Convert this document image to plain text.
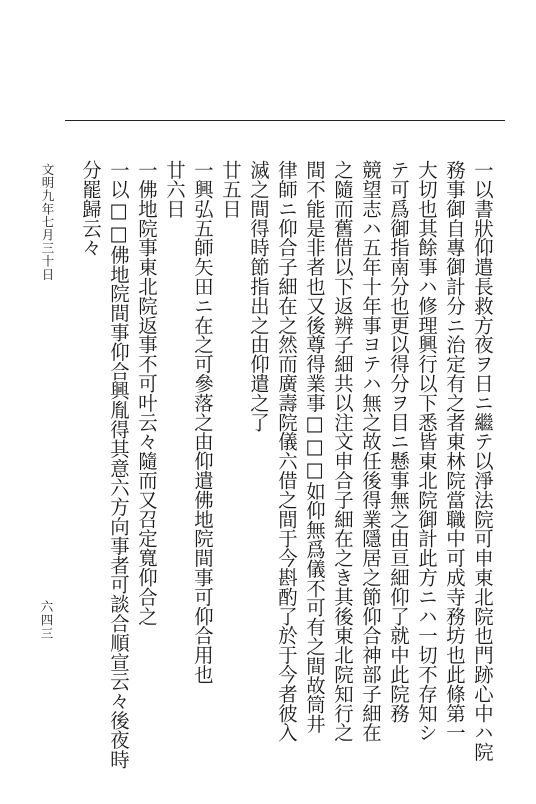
一以書狀仰遣長救方夜ヲ日ニ繼テ以淨法院可申東北院也門跡心中ハ院
務事御自專御計分ニ治定有之者東林院當職中可成寺務坊也此條第一
大切也其餘事ハ修理興行以下悉皆東北院御計此方ニハ一切不存知シ
テ可爲御指南分也更以得分ヲ目ニ懸事無之由亘細仰了就中此院務
競望志ハ五年十年事ヨテハ無之故任後得業隱居之節仰合神部子細在
之隨而舊借以下返辨子細共以注文申合子細在之き其後東北院知行之
間不能是非者也又後尊得業事□□□如仰無爲儀不可有之間故筒井
律師ニ仰合子細在之然而廣壽院儀六借之間于今斟酌了於于今者彼入
滅之間得時節指出之由仰遣之了
廿五日
一興弘五師矢田ニ在之可參落之由仰遣佛地院間事可仰合用也
廿六日
一佛地院事東北院返事不可叶云々隨而又召定寬仰合之
一以□□佛地院間事仰合興胤得其意六方向事者可談合順宣云々後夜時
分罷歸云々
文明九年七月三十日
六四三
